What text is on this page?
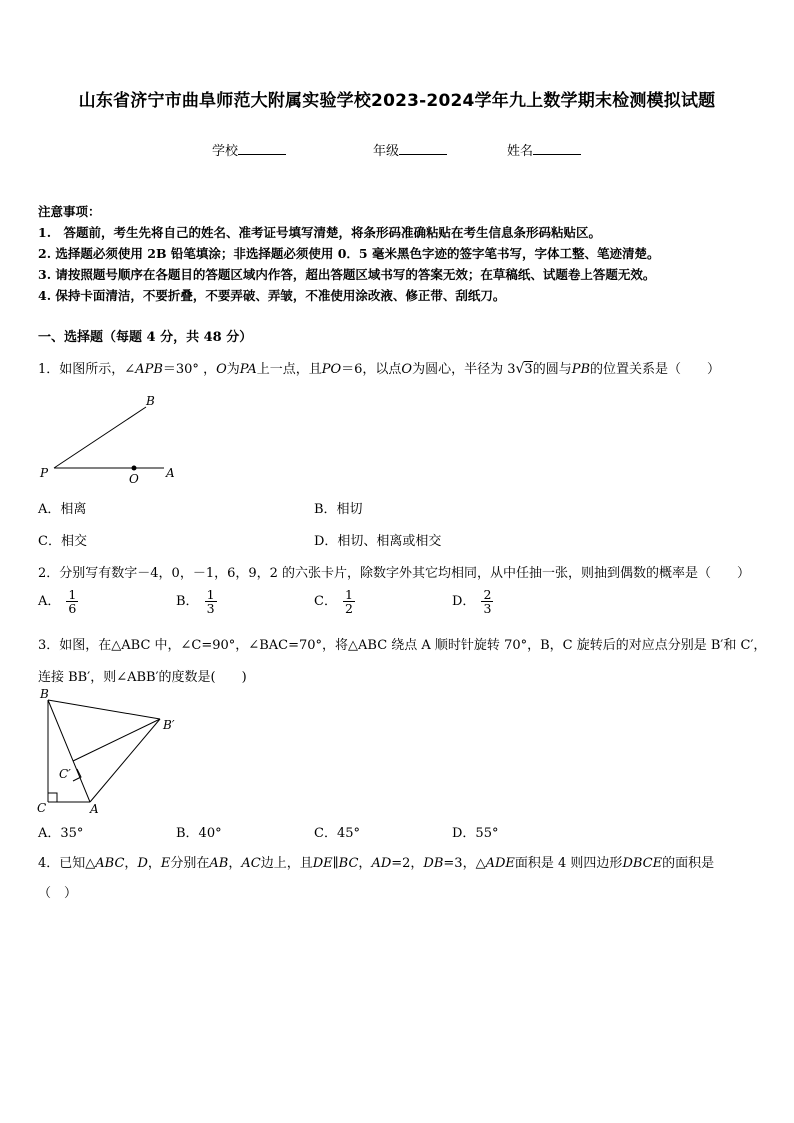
山东省济宁市曲阜师范大附属实验学校2023-2024学年九上数学期末检测模拟试题
学校	年级	姓名
注意事项：
1.　答题前，考生先将自己的姓名、准考证号填写清楚，将条形码准确粘贴在考生信息条形码粘贴区。
2. 选择题必须使用 2B 铅笔填涂；非选择题必须使用 0．5 毫米黑色字迹的签字笔书写，字体工整、笔迹清楚。
3. 请按照题号顺序在各题目的答题区域内作答，超出答题区域书写的答案无效；在草稿纸、试题卷上答题无效。
4. 保持卡面清洁，不要折叠，不要弄破、弄皱，不准使用涂改液、修正带、刮纸刀。
一、选择题（每题 4 分，共 48 分）
1．如图所示，∠APB＝30° ，O为PA上一点，且PO＝6，以点O为圆心，半径为 3√3的圆与PB的位置关系是（　　）
B
P	O A
A．相离	B．相切
C．相交	D．相切、相离或相交
2．分别写有数字－4，0，－1，6，9，2 的六张卡片，除数字外其它均相同，从中任抽一张，则抽到偶数的概率是（　　）
A． $\frac{1}{6}$	B． $\frac{1}{3}$	C． $\frac{1}{2}$	D． $\frac{2}{3}$
3．如图，在△ABC 中，∠C=90°，∠BAC=70°，将△ABC 绕点 A 顺时针旋转 70°，B，C 旋转后的对应点分别是 B′和 C′，
连接 BB′，则∠ABB′的度数是(　　)
B
B′
C′
C	A
A．35°	B．40°	C．45°	D．55°
4．已知△ABC，D，E分别在AB，AC边上，且DE∥BC，AD=2，DB=3，△ADE面积是 4 则四边形DBCE的面积是
（　）
